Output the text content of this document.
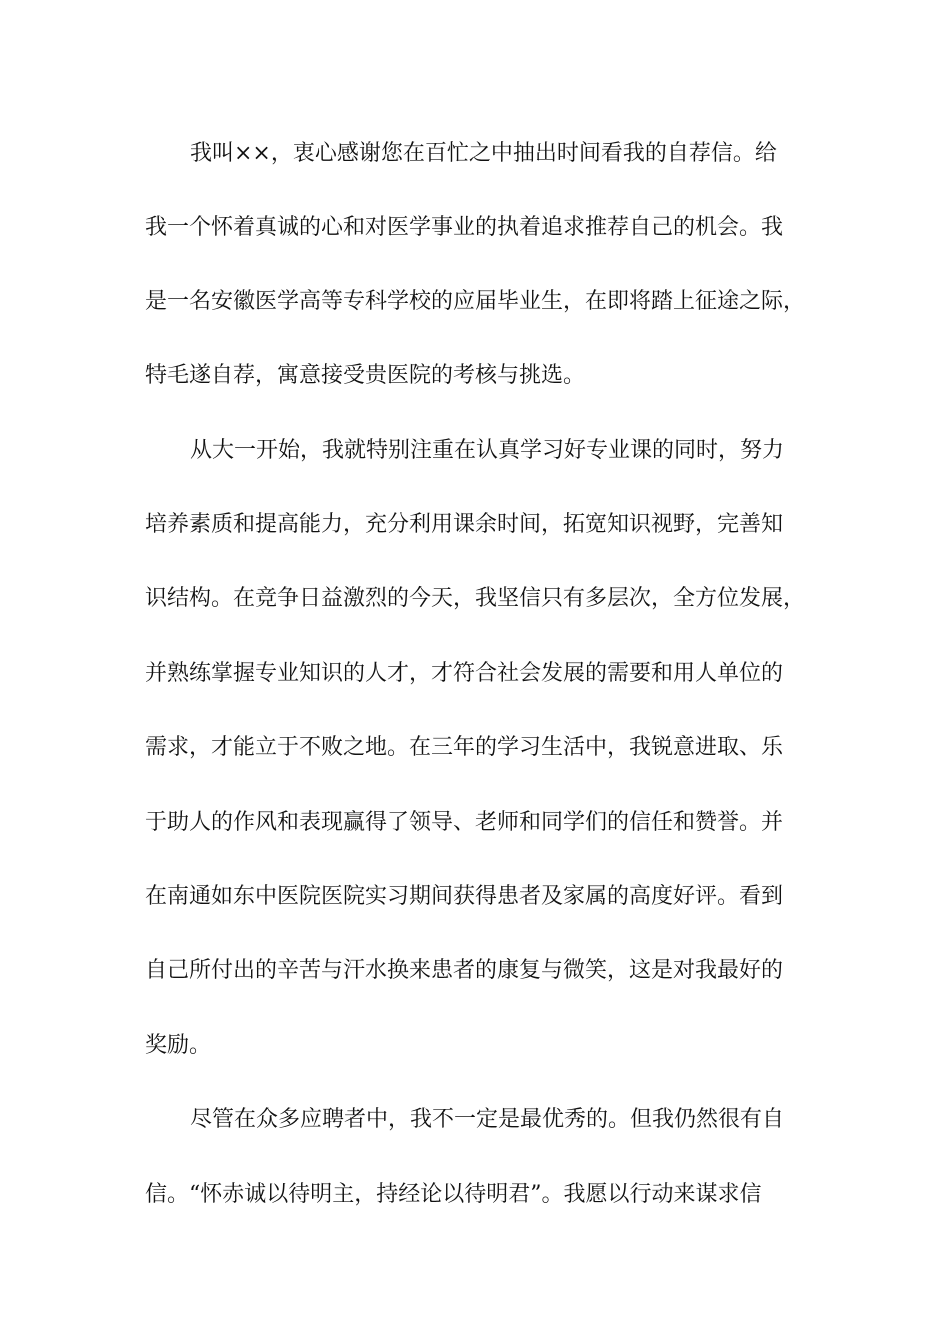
我叫××，衷心感谢您在百忙之中抽出时间看我的自荐信。给
我一个怀着真诚的心和对医学事业的执着追求推荐自己的机会。我
是一名安徽医学高等专科学校的应届毕业生，在即将踏上征途之际，
特毛遂自荐，寓意接受贵医院的考核与挑选。
从大一开始，我就特别注重在认真学习好专业课的同时，努力
培养素质和提高能力，充分利用课余时间，拓宽知识视野，完善知
识结构。在竞争日益激烈的今天，我坚信只有多层次，全方位发展，
并熟练掌握专业知识的人才，才符合社会发展的需要和用人单位的
需求，才能立于不败之地。在三年的学习生活中，我锐意进取、乐
于助人的作风和表现赢得了领导、老师和同学们的信任和赞誉。并
在南通如东中医院医院实习期间获得患者及家属的高度好评。看到
自己所付出的辛苦与汗水换来患者的康复与微笑，这是对我最好的
奖励。
尽管在众多应聘者中，我不一定是最优秀的。但我仍然很有自
信。“怀赤诚以待明主，持经论以待明君”。我愿以行动来谋求信
